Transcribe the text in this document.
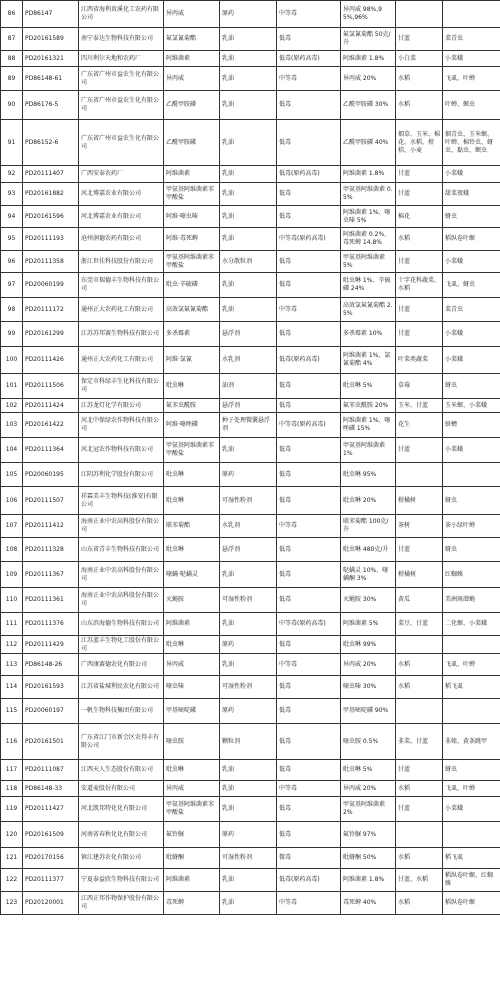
86	PD86147	江西省海利贵溪化工农药有限公司	异丙威	原药	中等毒	异丙威 98%,95%,96%		
87	PD20161589	南宁泰达生物科技有限公司	氟氯氰菊酯	乳油	低毒	氟氯氰菊酯 50克/升	甘蓝	菜青虫
88	PD20161321	四川利尔天地和农药厂	阿维菌素	乳油	低毒(原药高毒)	阿维菌素 1.8%	小白菜	小菜蛾
89	PD86148-61	广东省广州市益农生化有限公司	异丙威	乳油	中等毒	异丙威 20%	水稻	飞虱、叶蝉
90	PD86176-5	广东省广州市益农生化有限公司	乙酰甲胺磷	乳油	低毒	乙酰甲胺磷 30%	水稻	叶蝉、螟虫
91	PD86152-6	广东省广州市益农生化有限公司	乙酰甲胺磷	乳油	低毒	乙酰甲胺磷 40%	烟草、玉米、棉花、水稻、柑桔、小麦	烟青虫、玉米螟、叶蝉、棉铃虫、蚜虫、黏虫、螟虫
92	PD20111407	广西安泰农药厂	阿维菌素	乳油	低毒(原药高毒)	阿维菌素 1.8%	甘蓝	小菜蛾
93	PD20161882	河北博嘉农业有限公司	甲氨基阿维菌素苯甲酸盐	乳油	低毒	甲氨基阿维菌素 0.5%	甘蓝	甜菜夜蛾
94	PD20161596	河北博嘉农业有限公司	阿维·噻虫嗪	乳油	低毒	阿维菌素 1%、噻虫嗪 5%	棉花	蚜虫
95	PD20111193	沧州润德农药有限公司	阿维·毒死蜱	乳油	中等毒(原药高毒)	阿维菌素 0.2%、毒死蜱 14.8%	水稻	稻纵卷叶螟
96	PD20111358	浙江世佳科技股份有限公司	甲氨基阿维菌素苯甲酸盐	水分散粒剂	低毒	甲氨基阿维菌素 5%	甘蓝	小菜蛾
97	PD20060199	东莞市瑞德丰生物科技有限公司	吡虫·辛硫磷	乳油	低毒	吡虫啉 1%、辛硫磷 24%	十字花科蔬菜、水稻	飞虱、蚜虫
98	PD20111172	通州正大农药化工有限公司	高效氯氟氰菊酯	乳油	中等毒	高效氯氟氰菊酯 2.5%	甘蓝	菜青虫
99	PD20161299	江苏苏邦赛生物科技有限公司	多杀霉素	悬浮剂	低毒	多杀霉素 10%	甘蓝	小菜蛾
100	PD20111426	通州正大农药化工有限公司	阿维·氯氰	水乳剂	低毒(原药高毒)	阿维菌素 1%、氯氰菊酯 4%	叶菜类蔬菜	小菜蛾
101	PD20111506	保定市科绿丰生化科技有限公司	吡虫啉	油剂	低毒	吡虫啉 5%	草莓	蚜虫
102	PD20111424	江苏龙灯化学有限公司	氟苯虫酰胺	悬浮剂	低毒	氟苯虫酰胺 20%	玉米、甘蓝	玉米螟、小菜蛾
103	PD20161422	河北中保绿农作物科技有限公司	阿维·噻唑磷	种子处理微囊悬浮剂	中等毒(原药高毒)	阿维菌素 1%、噻唑磷 15%	花生	蛴螬
104	PD20111364	河北冠农作物科技有限公司	甲氨基阿维菌素苯甲酸盐	乳油	低毒	甲氨基阿维菌素 1%	甘蓝	小菜蛾
105	PD20060195	江阴苏利化学股份有限公司	吡虫啉	原药	低毒	吡虫啉 95%		
106	PD20111507	祥霖美丰生物科技(淮安)有限公司	吡虫啉	可湿性粉剂	低毒	吡虫啉 20%	柑橘树	蚜虫
107	PD20111412	海南正业中农高科股份有限公司	联苯菊酯	水乳剂	中等毒	联苯菊酯 100克/升	茶树	茶小绿叶蝉
108	PD20111328	山东省青丰生物科技有限公司	吡虫啉	悬浮剂	低毒	吡虫啉 480克/升	甘蓝	蚜虫
109	PD20111367	海南正业中农高科股份有限公司	噻螨·哒螨灵	乳油	低毒	哒螨灵 10%、噻螨酮 3%	柑橘树	红蜘蛛
110	PD20111361	海南正业中农高科股份有限公司	灭蝇胺	可湿性粉剂	低毒	灭蝇胺 30%	黄瓜	美洲斑潜蝇
111	PD20111376	山东滨海德生物科技有限公司	阿维菌素	乳油	中等毒(原药高毒)	阿维菌素 5%	菜豆、甘蓝	二化螟、小菜蛾
112	PD20111429	江苏蓝丰生物化工股份有限公司	吡虫啉	原药	低毒	吡虫啉 99%		
113	PD86148-26	广西康赛德农化有限公司	异丙威	乳油	中等毒	异丙威 20%	水稻	飞虱、叶蝉
114	PD20161593	江苏省盐城利民农化有限公司	噻虫嗪	可湿性粉剂	低毒	噻虫嗪 30%	水稻	稻飞虱
115	PD20060197	一帆生物科技集团有限公司	甲基嘧啶磷	原药	低毒	甲基嘧啶磷 90%		
116	PD20161501	广东省江门市新会区农得丰有限公司	噻虫胺	颗粒剂	低毒	噻虫胺 0.5%	韭菜、甘蓝	韭蛆、黄条跳甲
117	PD20111087	江西天人生态股份有限公司	吡虫啉	乳油	低毒	吡虫啉 5%	甘蓝	蚜虫
118	PD86148-33	安道麦股份有限公司	异丙威	乳油	中等毒	异丙威 20%	水稻	飞虱、叶蝉
119	PD20111427	河北凯邦特化化有限公司	甲氨基阿维菌素苯甲酸盐	乳油	低毒	甲氨基阿维菌素 2%	甘蓝	小菜蛾
120	PD20161509	河南省春秋化化有限公司	氟铃脲	原药	低毒	氟铃脲 97%		
121	PD20170156	镇江建苏农化有限公司	吡蚜酮	可湿性粉剂	微毒	吡蚜酮 50%	水稻	稻飞虱
122	PD20111377	宁夏泰益欣生物科技有限公司	阿维菌素	乳油	低毒(原药高毒)	阿维菌素 1.8%	甘蓝、水稻	稻纵卷叶螟、红蜘蛛
123	PD20120001	江西正邦作物保护股份有限公司	毒死蜱	乳油	中等毒	毒死蜱 40%	水稻	稻纵卷叶螟
